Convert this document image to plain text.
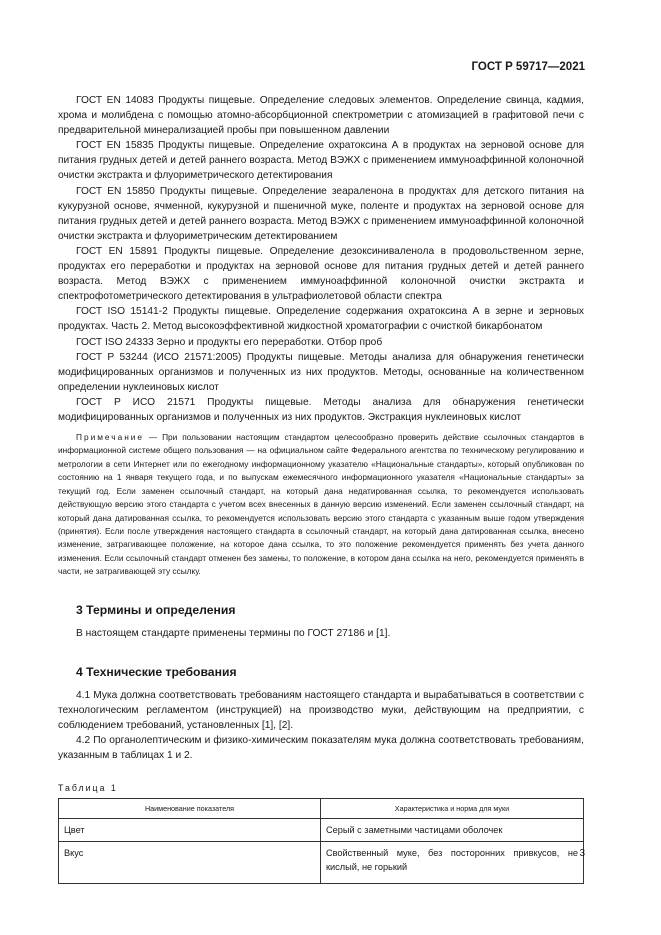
ГОСТ Р 59717—2021

ГОСТ EN 14083 Продукты пищевые. Определение следовых элементов. Определение свинца, кадмия, хрома и молибдена с помощью атомно-абсорбционной спектрометрии с атомизацией в графитовой печи с предварительной минерализацией пробы при повышенном давлении

ГОСТ EN 15835 Продукты пищевые. Определение охратоксина А в продуктах на зерновой основе для питания грудных детей и детей раннего возраста. Метод ВЭЖХ с применением иммуноаффинной колоночной очистки экстракта и флуориметрического детектирования

ГОСТ EN 15850 Продукты пищевые. Определение зеараленона в продуктах для детского питания на кукурузной основе, ячменной, кукурузной и пшеничной муке, поленте и продуктах на зерновой основе для питания грудных детей и детей раннего возраста. Метод ВЭЖХ с применением иммуноаффинной колоночной очистки экстракта и флуориметрическим детектированием

ГОСТ EN 15891 Продукты пищевые. Определение дезоксиниваленола в продовольственном зерне, продуктах его переработки и продуктах на зерновой основе для питания грудных детей и детей раннего возраста. Метод ВЭЖХ с применением иммуноаффинной колоночной очистки экстракта и спектрофотометрического детектирования в ультрафиолетовой области спектра

ГОСТ ISO 15141-2 Продукты пищевые. Определение содержания охратоксина А в зерне и зерновых продуктах. Часть 2. Метод высокоэффективной жидкостной хроматографии с очисткой бикарбонатом

ГОСТ ISO 24333 Зерно и продукты его переработки. Отбор проб

ГОСТ Р 53244 (ИСО 21571:2005) Продукты пищевые. Методы анализа для обнаружения генетически модифицированных организмов и полученных из них продуктов. Методы, основанные на количественном определении нуклеиновых кислот

ГОСТ Р ИСО 21571 Продукты пищевые. Методы анализа для обнаружения генетически модифицированных организмов и полученных из них продуктов. Экстракция нуклеиновых кислот

Примечание — При пользовании настоящим стандартом целесообразно проверить действие ссылочных стандартов в информационной системе общего пользования — на официальном сайте Федерального агентства по техническому регулированию и метрологии в сети Интернет или по ежегодному информационному указателю «Национальные стандарты», который опубликован по состоянию на 1 января текущего года, и по выпускам ежемесячного информационного указателя «Национальные стандарты» за текущий год. Если заменен ссылочный стандарт, на который дана недатированная ссылка, то рекомендуется использовать действующую версию этого стандарта с учетом всех внесенных в данную версию изменений. Если заменен ссылочный стандарт, на который дана датированная ссылка, то рекомендуется использовать версию этого стандарта с указанным выше годом утверждения (принятия). Если после утверждения настоящего стандарта в ссылочный стандарт, на который дана датированная ссылка, внесено изменение, затрагивающее положение, на которое дана ссылка, то это положение рекомендуется применять без учета данного изменения. Если ссылочный стандарт отменен без замены, то положение, в котором дана ссылка на него, рекомендуется применять в части, не затрагивающей эту ссылку.

3 Термины и определения

В настоящем стандарте применены термины по ГОСТ 27186 и [1].

4 Технические требования

4.1 Мука должна соответствовать требованиям настоящего стандарта и вырабатываться в соответствии с технологическим регламентом (инструкцией) на производство муки, действующим на предприятии, с соблюдением требований, установленных [1], [2].

4.2 По органолептическим и физико-химическим показателям мука должна соответствовать требованиям, указанным в таблицах 1 и 2.

Таблица 1
Наименование показателя	Характеристика и норма для муки
Цвет	Серый с заметными частицами оболочек
Вкус	Свойственный муке, без посторонних привкусов, не кислый, не горький
3
